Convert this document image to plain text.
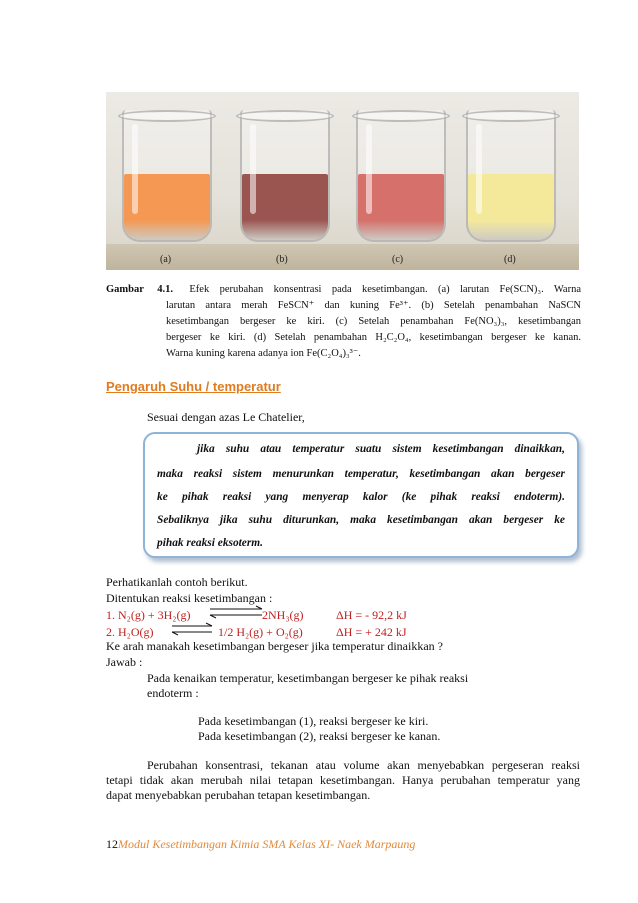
(a)	(b)	(c)	(d)
Gambar 4.1. Efek perubahan konsentrasi pada kesetimbangan. (a) larutan Fe(SCN)₃. Warna
larutan antara merah FeSCN⁺ dan kuning Fe³⁺. (b) Setelah penambahan NaSCN
kesetimbangan bergeser ke kiri. (c) Setelah penambahan Fe(NO₃)₃, kesetimbangan
bergeser ke kiri. (d) Setelah penambahan H₂C₂O₄, kesetimbangan bergeser ke kanan.
Warna kuning karena adanya ion Fe(C₂O₄)₃³⁻.
Pengaruh Suhu / temperatur
Sesuai dengan azas Le Chatelier,

jika suhu atau temperatur suatu sistem kesetimbangan dinaikkan,

maka reaksi sistem menurunkan temperatur, kesetimbangan akan bergeser

ke pihak reaksi yang menyerap kalor (ke pihak reaksi endoterm).

Sebaliknya jika suhu diturunkan, maka kesetimbangan akan bergeser ke

pihak reaksi eksoterm.

Perhatikanlah contoh berikut.
Ditentukan reaksi kesetimbangan :
1. N₂(g) + 3H₂(g) ⇌
2NH₃(g)	ΔH = - 92,2 kJ
2. H₂O(g) ⇌ 1/2 H₂(g) + O₂(g)	ΔH = + 242 kJ
Ke arah manakah kesetimbangan bergeser jika temperatur dinaikkan ?
Jawab :
Pada kenaikan temperatur, kesetimbangan bergeser ke pihak reaksi
endoterm :
Pada kesetimbangan (1), reaksi bergeser ke kiri.
Pada kesetimbangan (2), reaksi bergeser ke kanan.
Perubahan konsentrasi, tekanan atau volume akan menyebabkan pergeseran reaksi
tetapi tidak akan merubah nilai tetapan kesetimbangan. Hanya perubahan temperatur yang
dapat menyebabkan perubahan tetapan kesetimbangan.
12Modul Kesetimbangan Kimia SMA Kelas XI- Naek Marpaung
